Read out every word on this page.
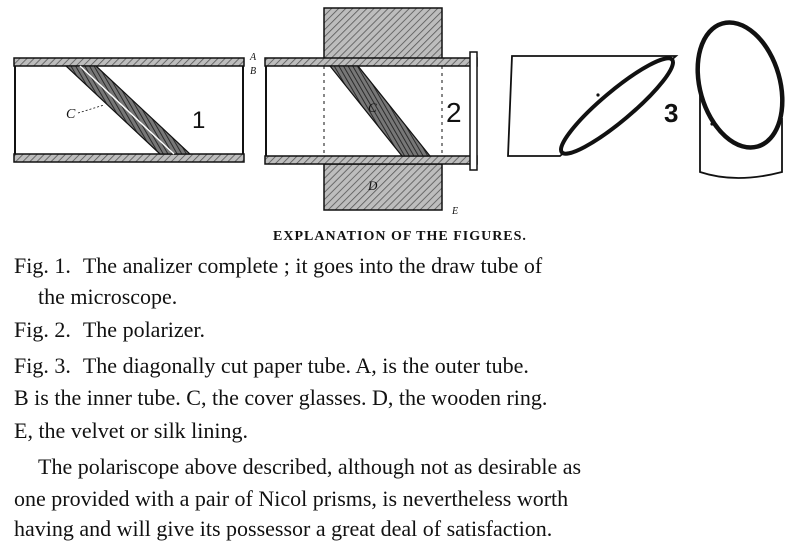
C	1
A
B
C
D
E
2	3
EXPLANATION OF THE FIGURES.
Fig. 1. The analizer complete ; it goes into the draw tube of
the microscope.
Fig. 2. The polarizer.
Fig. 3. The diagonally cut paper tube. A, is the outer tube.
B is the inner tube. C, the cover glasses. D, the wooden ring.
E, the velvet or silk lining.
The polariscope above described, although not as desirable as
one provided with a pair of Nicol prisms, is nevertheless worth
having and will give its possessor a great deal of satisfaction.
